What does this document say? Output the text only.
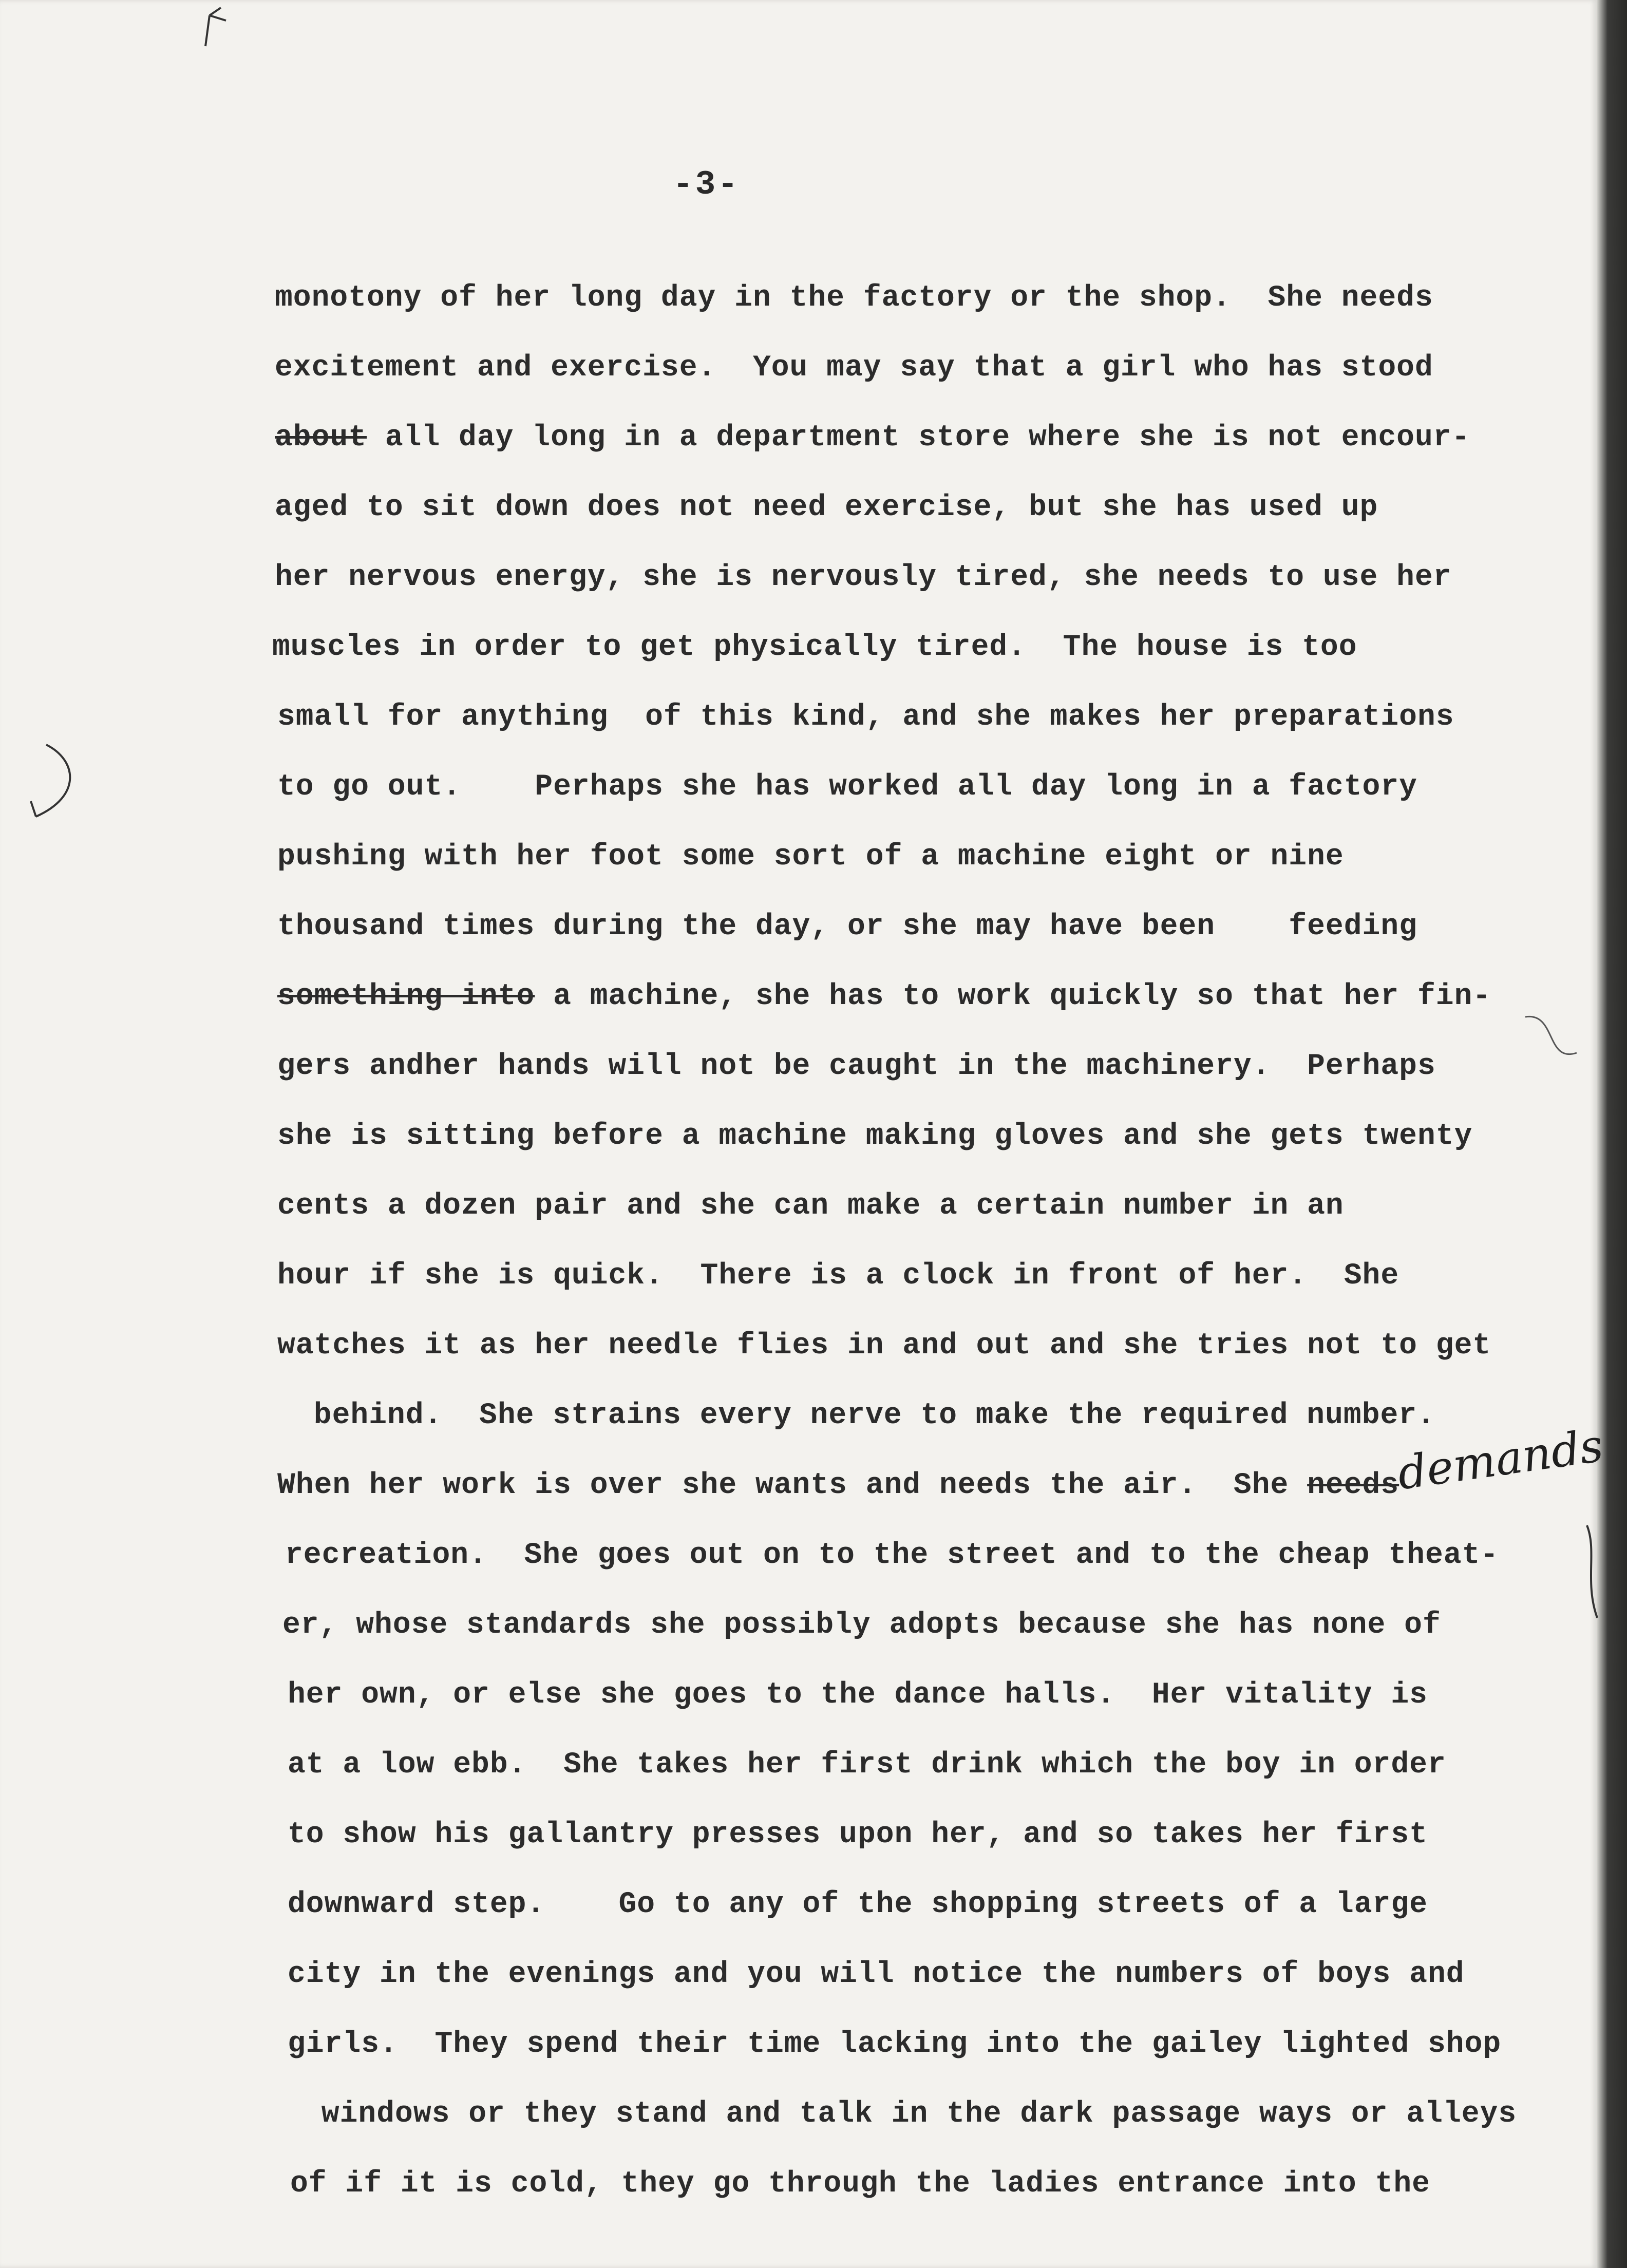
-3-
monotony of her long day in the factory or the shop.  She needs
excitement and exercise.  You may say that a girl who has stood
about all day long in a department store where she is not encour-
aged to sit down does not need exercise, but she has used up
her nervous energy, she is nervously tired, she needs to use her
muscles in order to get physically tired.  The house is too
small for anything  of this kind, and she makes her preparations
to go out.    Perhaps she has worked all day long in a factory
pushing with her foot some sort of a machine eight or nine
thousand times during the day, or she may have been    feeding
something into a machine, she has to work quickly so that her fin-
gers andher hands will not be caught in the machinery.  Perhaps
she is sitting before a machine making gloves and she gets twenty
cents a dozen pair and she can make a certain number in an
hour if she is quick.  There is a clock in front of her.  She
watches it as her needle flies in and out and she tries not to get
behind.  She strains every nerve to make the required number.
When her work is over she wants and needs the air.  She needs
recreation.  She goes out on to the street and to the cheap theat-
er, whose standards she possibly adopts because she has none of
her own, or else she goes to the dance halls.  Her vitality is
at a low ebb.  She takes her first drink which the boy in order
to show his gallantry presses upon her, and so takes her first
downward step.    Go to any of the shopping streets of a large
city in the evenings and you will notice the numbers of boys and
girls.  They spend their time lacking into the gailey lighted shop
windows or they stand and talk in the dark passage ways or alleys
of if it is cold, they go through the ladies entrance into the
demands
